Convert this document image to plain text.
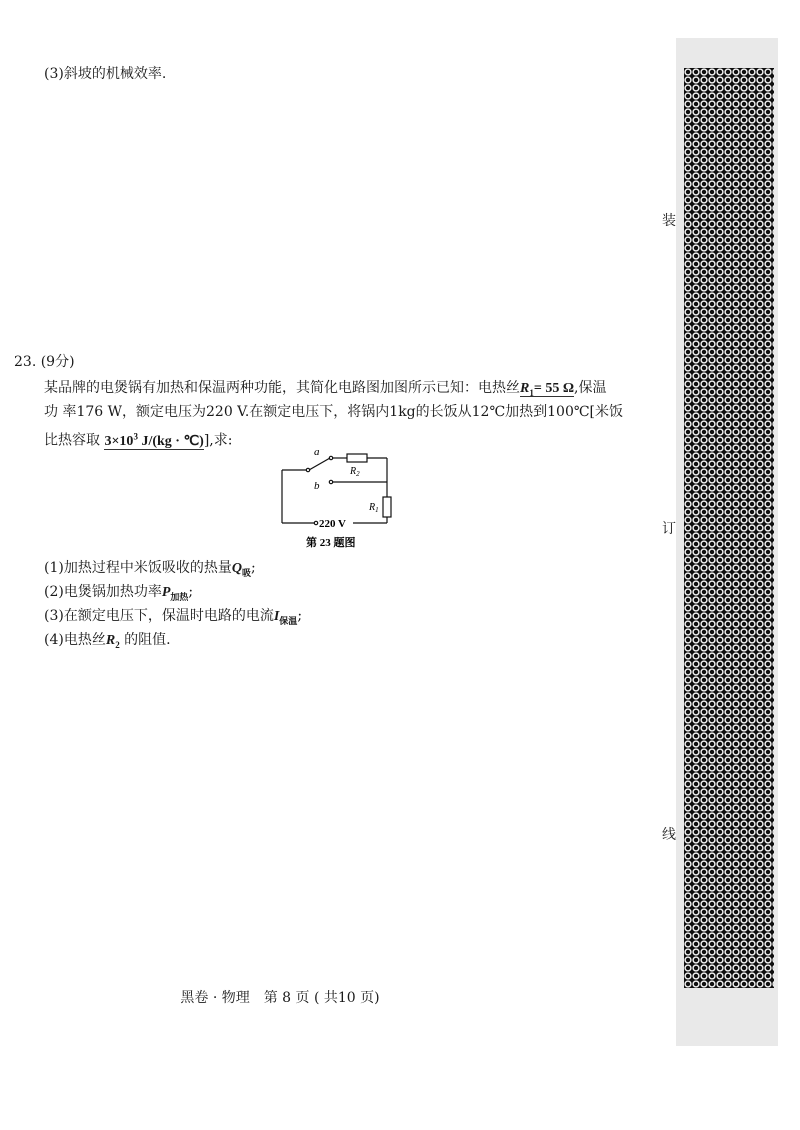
(3)斜坡的机械效率.
23. (9分)
某品牌的电煲锅有加热和保温两种功能，其简化电路图加图所示已知：电热丝$R_1= 55$ Ω,保温
功 率176 W，额定电压为220 V.在额定电压下，将锅内1kg的长饭从12℃加热到100℃[米饭
比热容取 $3\times 10^3$ J/(kg · ℃)],求:
a
b
$R_2$
$R_1$
220 V
第 23 题图
(1)加热过程中米饭吸收的热量$Q_吸$;
(2)电煲锅加热功率$P_{加热}$;
(3)在额定电压下，保温时电路的电流$I_{保温}$;
(4)电热丝$R_2$ 的阻值.
黑卷 · 物理　第 8 页 ( 共10 页)
装
订
线
